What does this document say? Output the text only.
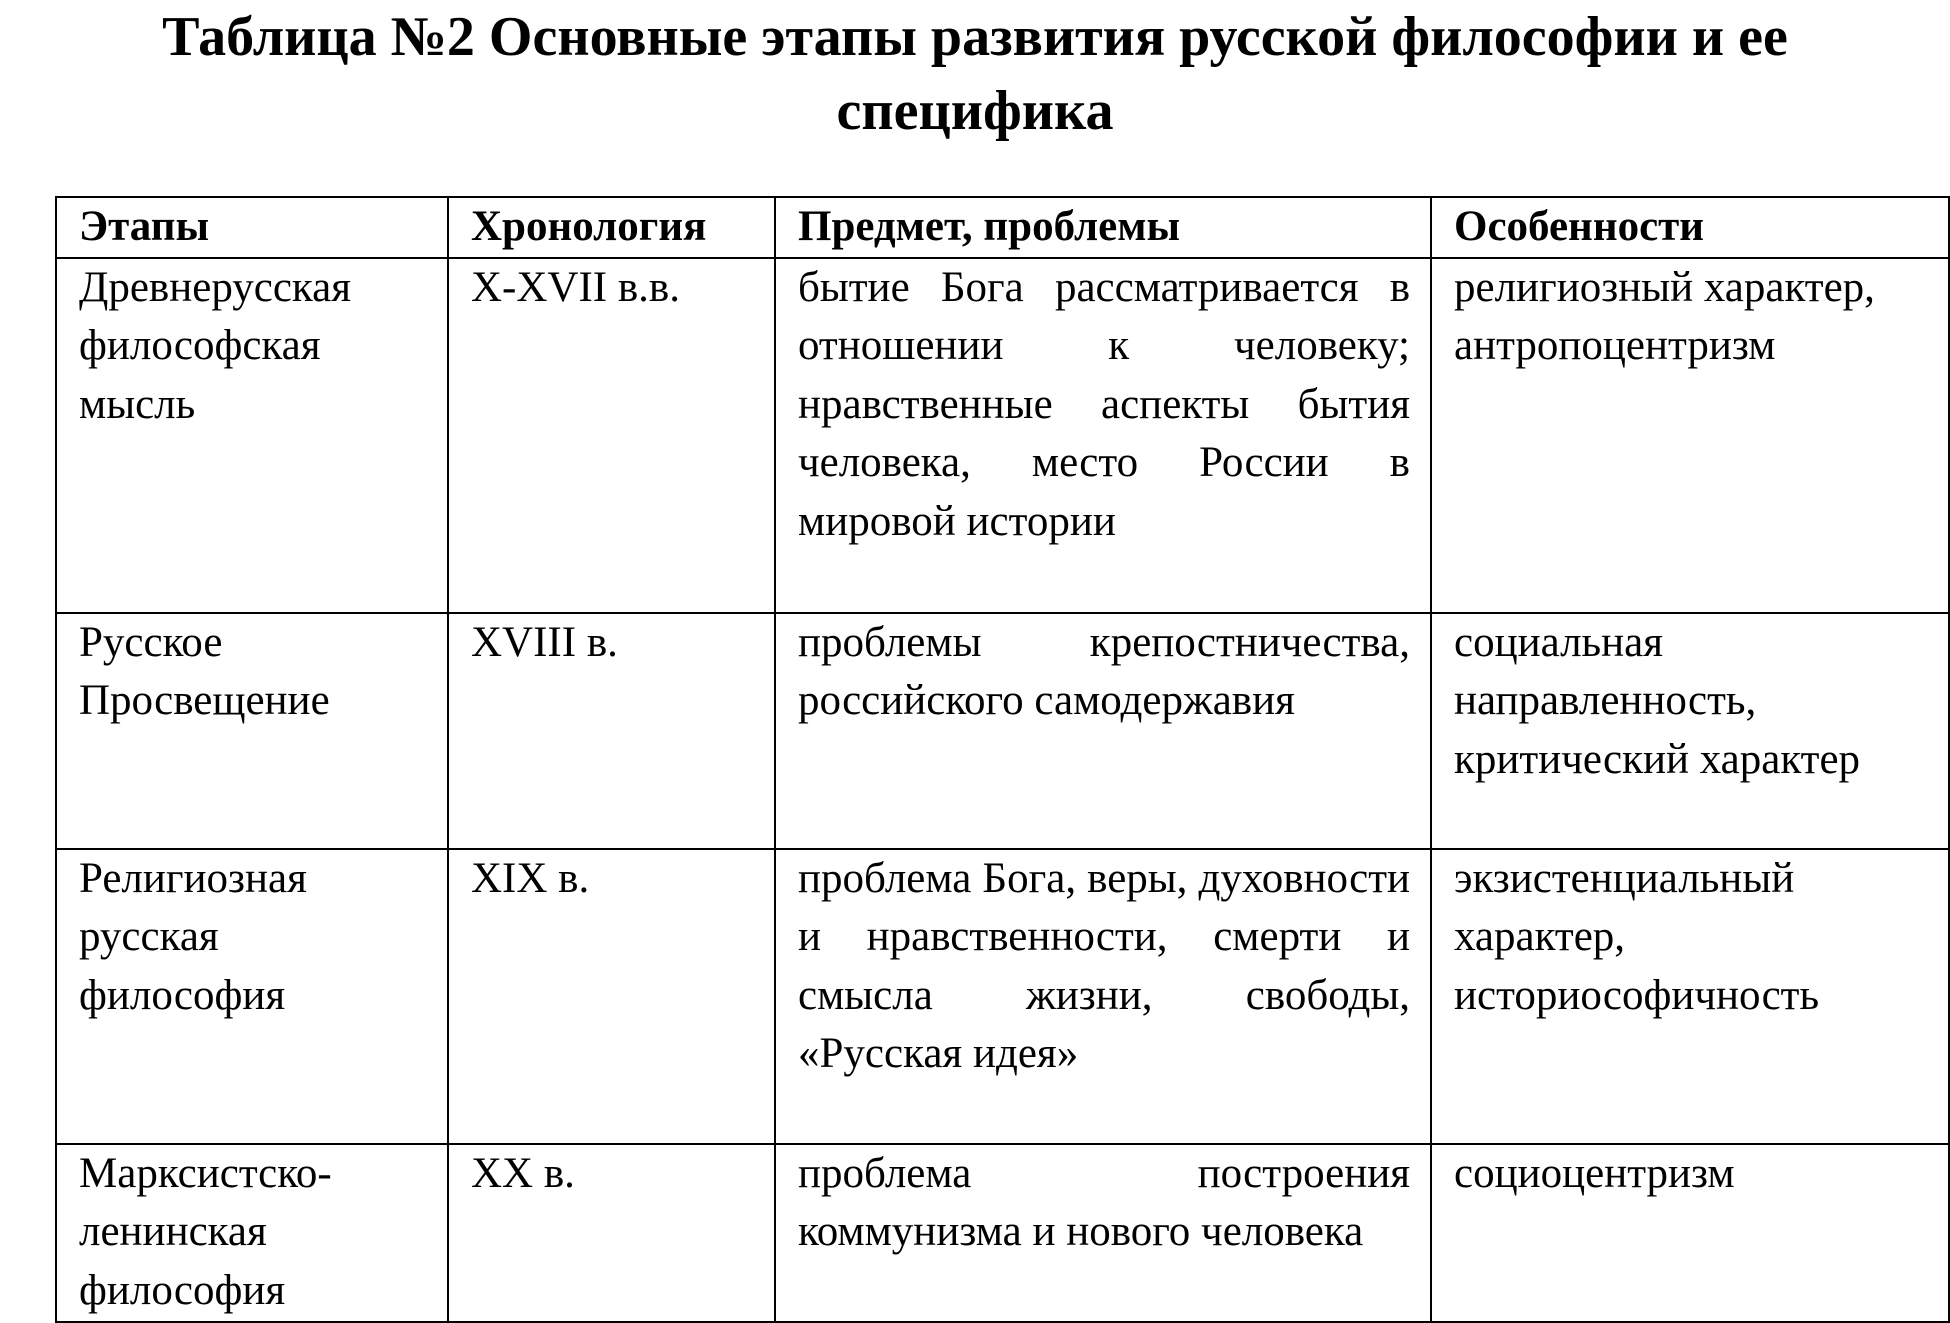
Таблица №2 Основные этапы развития русской философии и ее
специфика
Этапы	Хронология	Предмет, проблемы	Особенности
Древнерусская философская мысль	X-XVII в.в.	бытие Бога рассматривается в отношении к человеку; нравственные аспекты бытия человека, место России в мировой истории	религиозный характер, антропоцентризм
Русское Просвещение	XVIII в.	проблемы крепостничества, российского самодержавия	социальная направленность, критический характер
Религиозная русская философия	XIX в.	проблема Бога, веры, духовности и нравственности, смерти и смысла жизни, свободы, «Русская идея»	экзистенциальный характер, историософичность
Марксистско-ленинская философия	XX в.	проблема построения коммунизма и нового человека	социоцентризм
